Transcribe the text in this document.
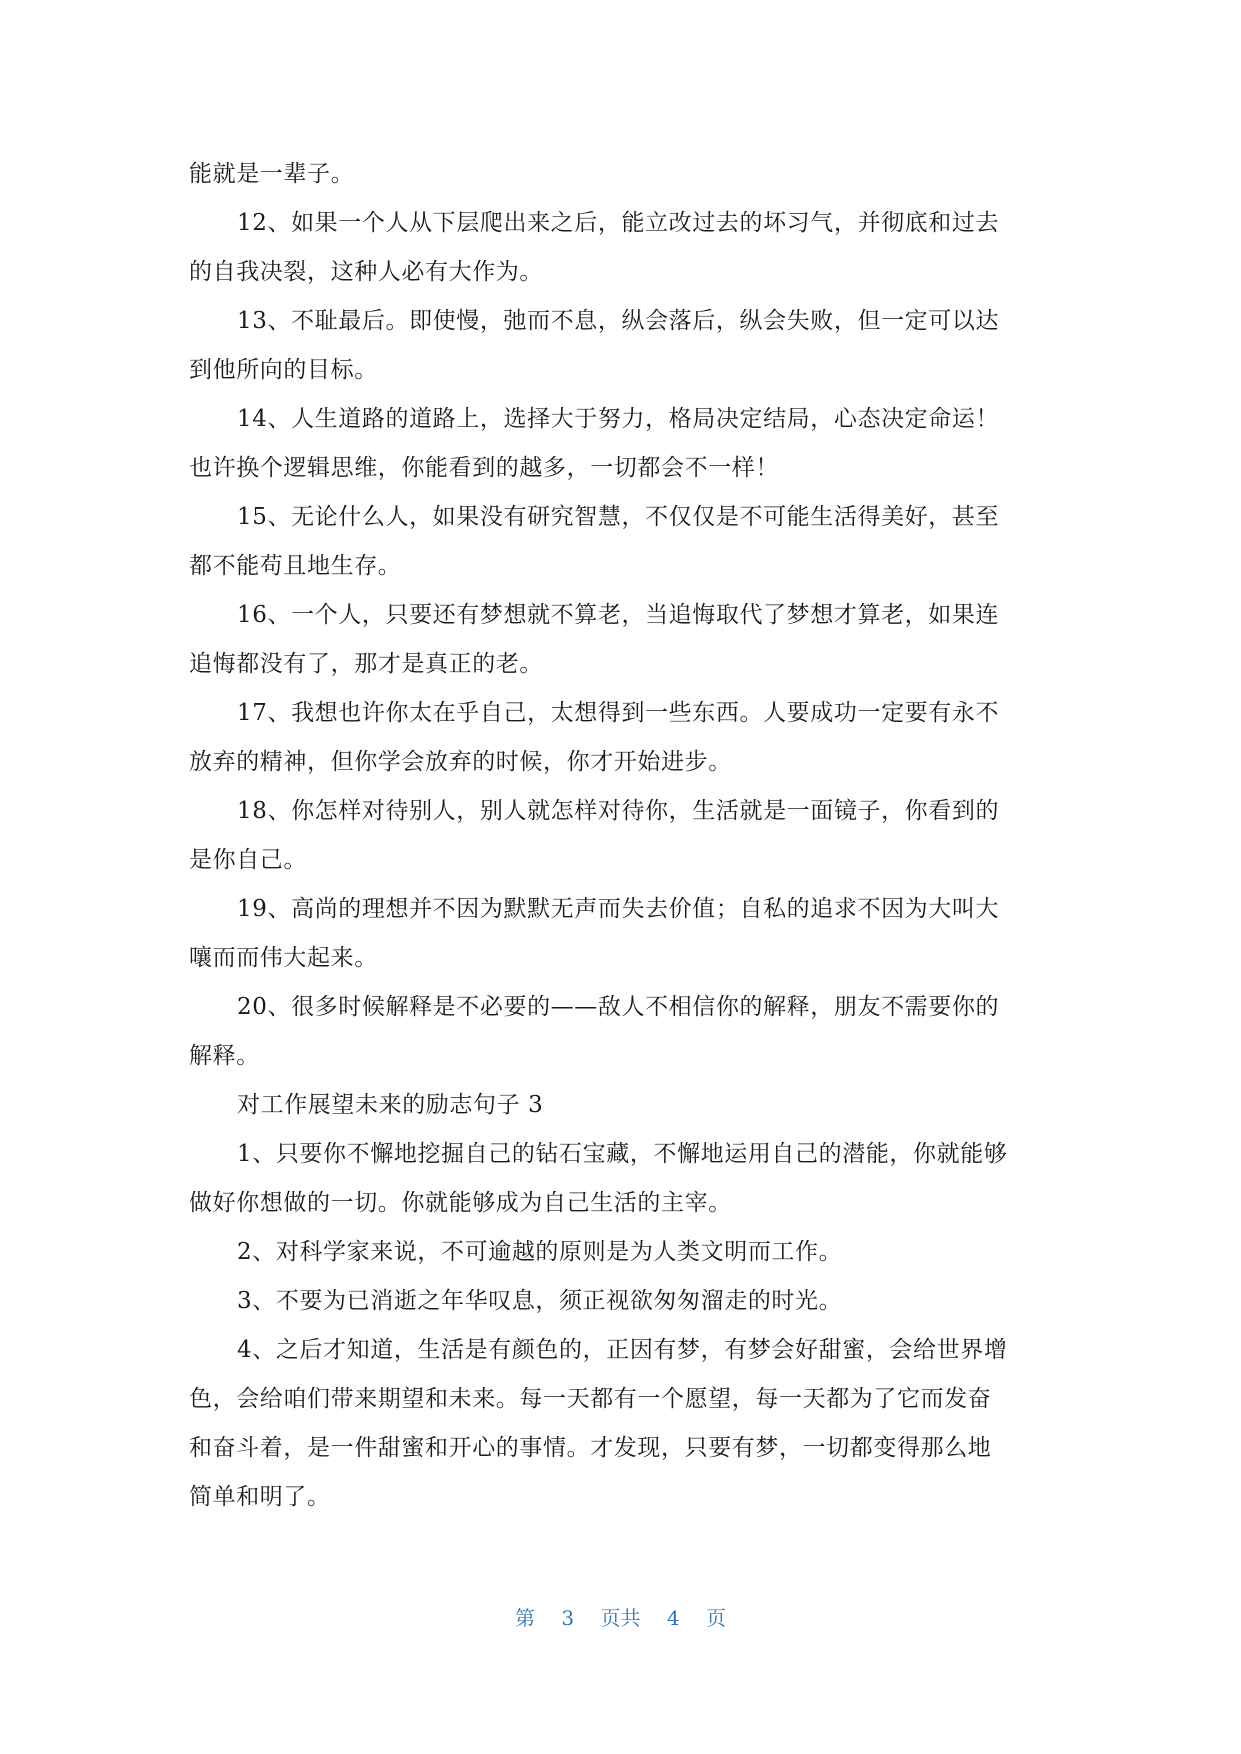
能就是一辈子。
12、如果一个人从下层爬出来之后，能立改过去的坏习气，并彻底和过去
的自我决裂，这种人必有大作为。
13、不耻最后。即使慢，弛而不息，纵会落后，纵会失败，但一定可以达
到他所向的目标。
14、人生道路的道路上，选择大于努力，格局决定结局，心态决定命运！
也许换个逻辑思维，你能看到的越多，一切都会不一样！
15、无论什么人，如果没有研究智慧，不仅仅是不可能生活得美好，甚至
都不能苟且地生存。
16、一个人，只要还有梦想就不算老，当追悔取代了梦想才算老，如果连
追悔都没有了，那才是真正的老。
17、我想也许你太在乎自己，太想得到一些东西。人要成功一定要有永不
放弃的精神，但你学会放弃的时候，你才开始进步。
18、你怎样对待别人，别人就怎样对待你，生活就是一面镜子，你看到的
是你自己。
19、高尚的理想并不因为默默无声而失去价值；自私的追求不因为大叫大
嚷而而伟大起来。
20、很多时候解释是不必要的——敌人不相信你的解释，朋友不需要你的
解释。
对工作展望未来的励志句子 3
1、只要你不懈地挖掘自己的钻石宝藏，不懈地运用自己的潜能，你就能够
做好你想做的一切。你就能够成为自己生活的主宰。
2、对科学家来说，不可逾越的原则是为人类文明而工作。
3、不要为已消逝之年华叹息，须正视欲匆匆溜走的时光。
4、之后才知道，生活是有颜色的，正因有梦，有梦会好甜蜜，会给世界增
色，会给咱们带来期望和未来。每一天都有一个愿望，每一天都为了它而发奋
和奋斗着，是一件甜蜜和开心的事情。才发现，只要有梦，一切都变得那么地
简单和明了。
第 3 页共 4 页
